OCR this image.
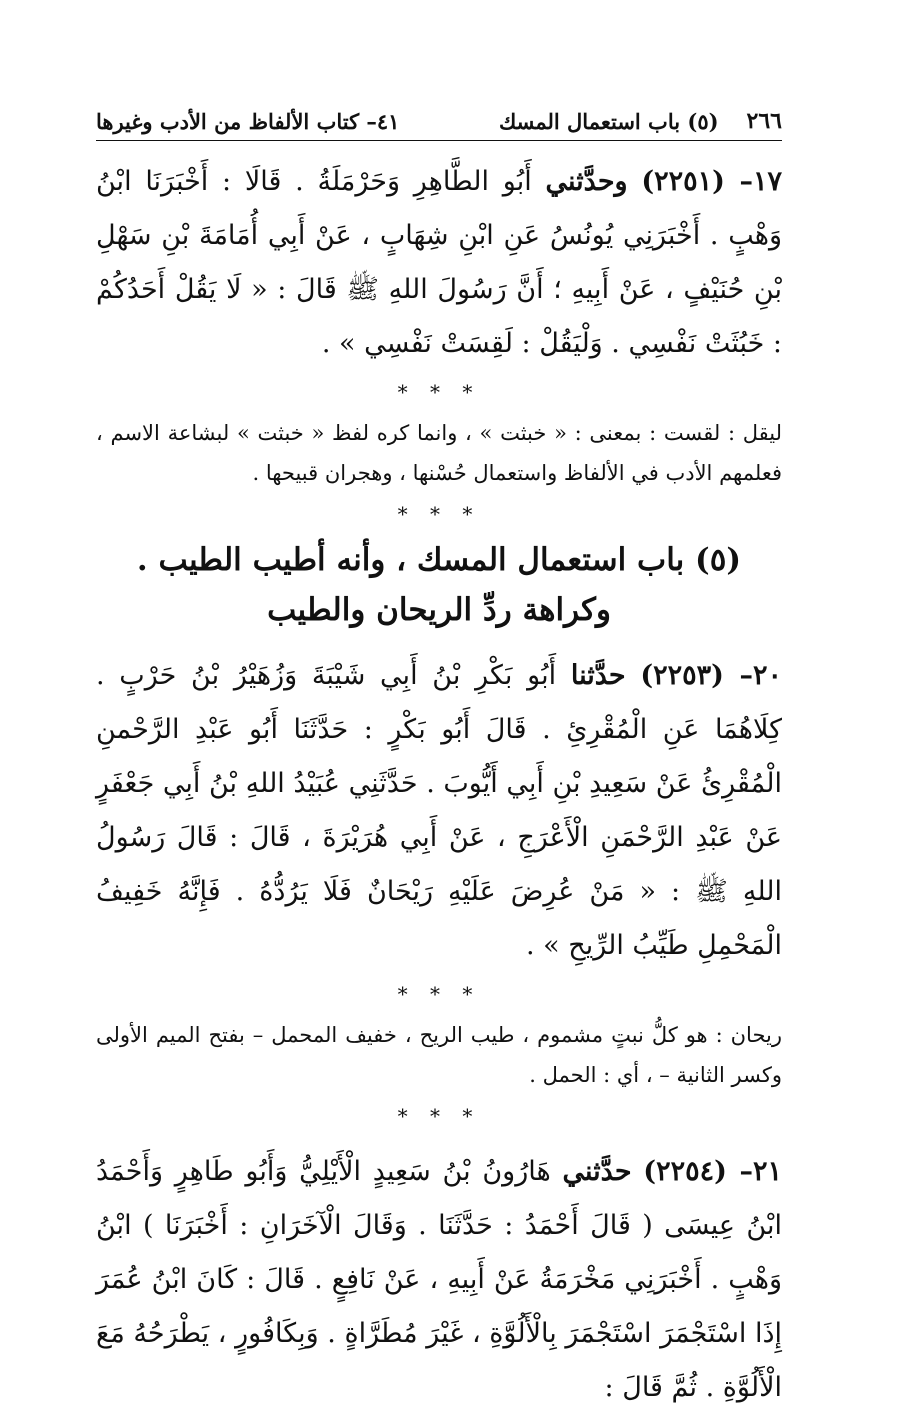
٢٦٦
(٥) باب استعمال المسك
٤١– كتاب الألفاظ من الأدب وغيرها

١٧– (٢٢٥١) وحدَّثني أَبُو الطَّاهِرِ وَحَرْمَلَةُ . قَالَا : أَخْبَرَنَا ابْنُ وَهْبٍ . أَخْبَرَنِي يُونُسُ عَنِ ابْنِ شِهَابٍ ، عَنْ أَبِي أُمَامَةَ بْنِ سَهْلِ بْنِ حُنَيْفٍ ، عَنْ أَبِيهِ ؛ أَنَّ رَسُولَ اللهِ ﷺ قَالَ : « لَا يَقُلْ أَحَدُكُمْ : خَبُثَتْ نَفْسِي . وَلْيَقُلْ : لَقِسَتْ نَفْسِي » .

* * *

ليقل : لقست : بمعنى : « خبثت » ، وانما كره لفظ « خبثت » لبشاعة الاسم ، فعلمهم الأدب في الألفاظ واستعمال حُسْنها ، وهجران قبيحها .

* * *
(٥) باب استعمال المسك ، وأنه أطيب الطيب .
وكراهة ردِّ الريحان والطيب

٢٠– (٢٢٥٣) حدَّثنا أَبُو بَكْرِ بْنُ أَبِي شَيْبَةَ وَزُهَيْرُ بْنُ حَرْبٍ . كِلَاهُمَا عَنِ الْمُقْرِئِ . قَالَ أَبُو بَكْرٍ : حَدَّثَنَا أَبُو عَبْدِ الرَّحْمنِ الْمُقْرِئُ عَنْ سَعِيدِ بْنِ أَبِي أَيُّوبَ . حَدَّثَنِي عُبَيْدُ اللهِ بْنُ أَبِي جَعْفَرٍ عَنْ عَبْدِ الرَّحْمَنِ الْأَعْرَجِ ، عَنْ أَبِي هُرَيْرَةَ ، قَالَ : قَالَ رَسُولُ اللهِ ﷺ : « مَنْ عُرِضَ عَلَيْهِ رَيْحَانٌ فَلَا يَرُدُّهُ . فَإِنَّهُ خَفِيفُ الْمَحْمِلِ طَيِّبُ الرِّيحِ » .

* * *

ريحان : هو كلُّ نبتٍ مشموم ، طيب الريح ، خفيف المحمل – بفتح الميم الأولى وكسر الثانية – ، أي : الحمل .

* * *

٢١– (٢٢٥٤) حدَّثني هَارُونُ بْنُ سَعِيدٍ الْأَيْلِيُّ وَأَبُو طَاهِرٍ وَأَحْمَدُ ابْنُ عِيسَى ( قَالَ أَحْمَدُ : حَدَّثَنَا . وَقَالَ الْآخَرَانِ : أَخْبَرَنَا ) ابْنُ وَهْبٍ . أَخْبَرَنِي مَخْرَمَةُ عَنْ أَبِيهِ ، عَنْ نَافِعٍ . قَالَ : كَانَ ابْنُ عُمَرَ إِذَا اسْتَجْمَرَ اسْتَجْمَرَ بِالْأَلُوَّةِ ، غَيْرَ مُطَرَّاةٍ . وَبِكَافُورٍ ، يَطْرَحُهُ مَعَ الْأَلُوَّةِ . ثُمَّ قَالَ :
